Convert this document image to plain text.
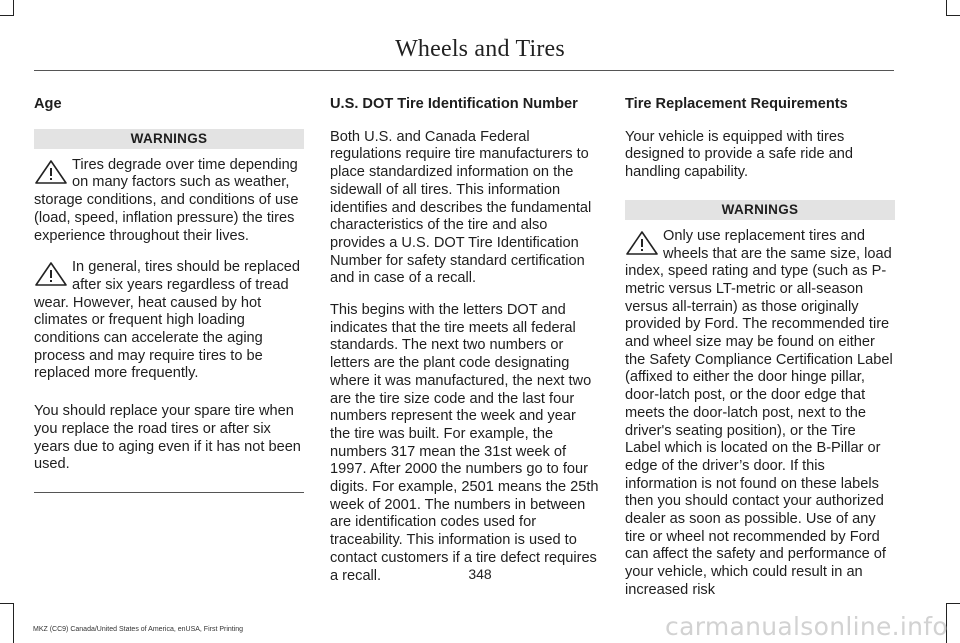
Wheels and Tires
Age
WARNINGS
Tires degrade over time depending on many factors such as weather, storage conditions, and conditions of use (load, speed, inflation pressure) the tires experience throughout their lives.
In general, tires should be replaced after six years regardless of tread wear. However, heat caused by hot climates or frequent high loading conditions can accelerate the aging process and may require tires to be replaced more frequently.

You should replace your spare tire when you replace the road tires or after six years due to aging even if it has not been used.

U.S. DOT Tire Identification Number

Both U.S. and Canada Federal regulations require tire manufacturers to place standardized information on the sidewall of all tires. This information identifies and describes the fundamental characteristics of the tire and also provides a U.S. DOT Tire Identification Number for safety standard certification and in case of a recall.

This begins with the letters DOT and indicates that the tire meets all federal standards. The next two numbers or letters are the plant code designating where it was manufactured, the next two are the tire size code and the last four numbers represent the week and year the tire was built. For example, the numbers 317 mean the 31st week of 1997. After 2000 the numbers go to four digits. For example, 2501 means the 25th week of 2001. The numbers in between are identification codes used for traceability. This information is used to contact customers if a tire defect requires a recall.

Tire Replacement Requirements

Your vehicle is equipped with tires designed to provide a safe ride and handling capability.

WARNINGS
Only use replacement tires and wheels that are the same size, load index, speed rating and type (such as P-metric versus LT-metric or all-season versus all-terrain) as those originally provided by Ford. The recommended tire and wheel size may be found on either the Safety Compliance Certification Label (affixed to either the door hinge pillar, door-latch post, or the door edge that meets the door-latch post, next to the driver's seating position), or the Tire Label which is located on the B-Pillar or edge of the driver’s door. If this information is not found on these labels then you should contact your authorized dealer as soon as possible. Use of any tire or wheel not recommended by Ford can affect the safety and performance of your vehicle, which could result in an increased risk
348
MKZ (CC9) Canada/United States of America, enUSA, First Printing	carmanualsonline.info
